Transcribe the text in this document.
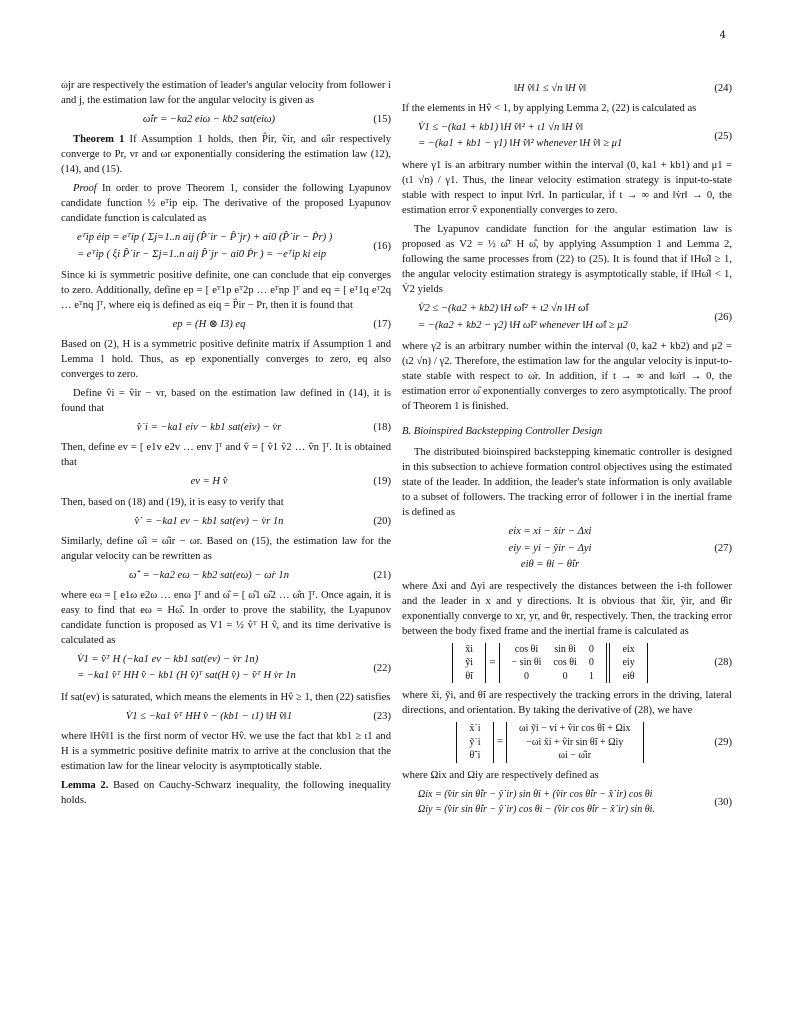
4

ωjr are respectively the estimation of leader's angular velocity from follower i and j, the estimation law for the angular velocity is given as

ω̂ir = −ka2 eiω − kb2 sat(eiω)	(15)

Theorem 1 If Assumption 1 holds, then P̂ir, v̂ir, and ω̂ir respectively converge to Pr, vr and ωr exponentially considering the estimation law (12), (14), and (15).

Proof In order to prove Theorem 1, consider the following Lyapunov candidate function ½ eᵀip eip. The derivative of the proposed Lyapunov candidate function is calculated as

eᵀip ėip = eᵀip ( Σj=1..n aij (P̂˙ir − P̂˙jr) + ai0 (P̂˙ir − Ṗr) )
= eᵀip ( ξi P̂˙ir − Σj=1..n aij P̂˙jr − ai0 Ṗr ) = −eᵀip ki eip
(16)

Since ki is symmetric positive definite, one can conclude that eip converges to zero. Additionally, define ep = [ eᵀ1p eᵀ2p … eᵀnp ]ᵀ and eq = [ eᵀ1q eᵀ2q … eᵀnq ]ᵀ, where eiq is defined as eiq = P̂ir − Pr, then it is found that

ep = (H ⊗ I3) eq	(17)

Based on (2), H is a symmetric positive definite matrix if Assumption 1 and Lemma 1 hold. Thus, as ep exponentially converges to zero, eq also converges to zero.

Define v̂i = v̂ir − vr, based on the estimation law defined in (14), it is found that

v̂˙i = −ka1 eiv − kb1 sat(eiv) − v̇r	(18)

Then, define ev = [ e1v e2v … env ]ᵀ and v̂ = [ v̂1 v̂2 … v̂n ]ᵀ. It is obtained that

ev = H v̂	(19)

Then, based on (18) and (19), it is easy to verify that

v̂˙ = −ka1 ev − kb1 sat(ev) − v̇r 1n	(20)

Similarly, define ω̂i = ω̂ir − ωr. Based on (15), the estimation law for the angular velocity can be rewritten as

ω̂˙ = −ka2 eω − kb2 sat(eω) − ω̇r 1n	(21)

where eω = [ e1ω e2ω … enω ]ᵀ and ω̂ = [ ω̂1 ω̂2 … ω̂n ]ᵀ. Once again, it is easy to find that eω = Hω̂. In order to prove the stability, the Lyapunov candidate function is proposed as V1 = ½ v̂ᵀ H v̂, and its time derivative is calculated as

V̇1 = v̂ᵀ H (−ka1 ev − kb1 sat(ev) − v̇r 1n)
= −ka1 v̂ᵀ HH v̂ − kb1 (H v̂)ᵀ sat(H v̂) − v̂ᵀ H v̇r 1n
(22)

If sat(ev) is saturated, which means the elements in Hv̂ ≥ 1, then (22) satisfies

V̇1 ≤ −ka1 v̂ᵀ HH v̂ − (kb1 − ι1) ‖H v̂‖1	(23)

where ‖Hv̂‖1 is the first norm of vector Hv̂. we use the fact that kb1 ≥ ι1 and H is a symmetric positive definite matrix to arrive at the conclusion that the estimation law for the linear velocity is asymptotically stable.

Lemma 2. Based on Cauchy-Schwarz inequality, the following inequality holds.

‖H v̂‖1 ≤ √n ‖H v̂‖	(24)

If the elements in Hv̂ < 1, by applying Lemma 2, (22) is calculated as

V̇1 ≤ −(ka1 + kb1) ‖H v̂‖² + ι1 √n ‖H v̂‖
= −(ka1 + kb1 − γ1) ‖H v̂‖² whenever ‖H v̂‖ ≥ μ1
(25)

where γ1 is an arbitrary number within the interval (0, ka1 + kb1) and μ1 = (ι1 √n) / γ1. Thus, the linear velocity estimation strategy is input-to-state stable with respect to input ‖v̇r‖. In particular, if t → ∞ and ‖v̇r‖ → 0, the estimation error v̂ exponentially converges to zero.

The Lyapunov candidate function for the angular estimation law is proposed as V2 = ½ ω̂ᵀ H ω̂, by applying Assumption 1 and Lemma 2, following the same processes from (22) to (25). It is found that if ‖Hω̂‖ ≥ 1, the angular velocity estimation strategy is asymptotically stable, if ‖Hω̂‖ < 1, V̇2 yields

V̇2 ≤ −(ka2 + kb2) ‖H ω̂‖² + ι2 √n ‖H ω̂‖
= −(ka2 + kb2 − γ2) ‖H ω̂‖² whenever ‖H ω̂‖ ≥ μ2
(26)

where γ2 is an arbitrary number within the interval (0, ka2 + kb2) and μ2 = (ι2 √n) / γ2. Therefore, the estimation law for the angular velocity is input-to-state stable with respect to ω̇r. In addition, if t → ∞ and ‖ω̇r‖ → 0, the estimation error ω̂ exponentially converges to zero asymptotically. The proof of Theorem 1 is finished.

B. Bioinspired Backstepping Controller Design

The distributed bioinspired backstepping kinematic controller is designed in this subsection to achieve formation control objectives using the estimated state of the leader. In addition, the leader's state information is only available to a subset of followers. The tracking error of follower i in the inertial frame is defined as

eix = xi − x̂ir − Δxi
eiy = yi − ŷir − Δyi
eiθ = θi − θ̂ir
(27)

where Δxi and Δyi are respectively the distances between the i-th follower and the leader in x and y directions. It is obvious that x̂ir, ŷir, and θ̂ir exponentially converge to xr, yr, and θr, respectively. Then, the tracking error between the body fixed frame and the inertial frame is calculated as

x̃i
ỹi
θ̃i
=
cos θi	sin θi	0
− sin θi	cos θi	0
0	0	1

eix
eiy
eiθ
(28)

where x̃i, ỹi, and θ̃i are respectively the tracking errors in the driving, lateral directions, and orientation. By taking the derivative of (28), we have

x̃˙i
ỹ˙i
θ̃˙i
=
ωi ỹi − vi + v̂ir cos θ̃i + Ωix
−ωi x̃i + v̂ir sin θ̃i + Ωiy
ωi − ω̂ir
(29)

where Ωix and Ωiy are respectively defined as

Ωix = (v̂ir sin θ̂ir − ŷ˙ir) sin θi + (v̂ir cos θ̂ir − x̂˙ir) cos θi
Ωiy = (v̂ir sin θ̂ir − ŷ˙ir) cos θi − (v̂ir cos θ̂ir − x̂˙ir) sin θi.
(30)
